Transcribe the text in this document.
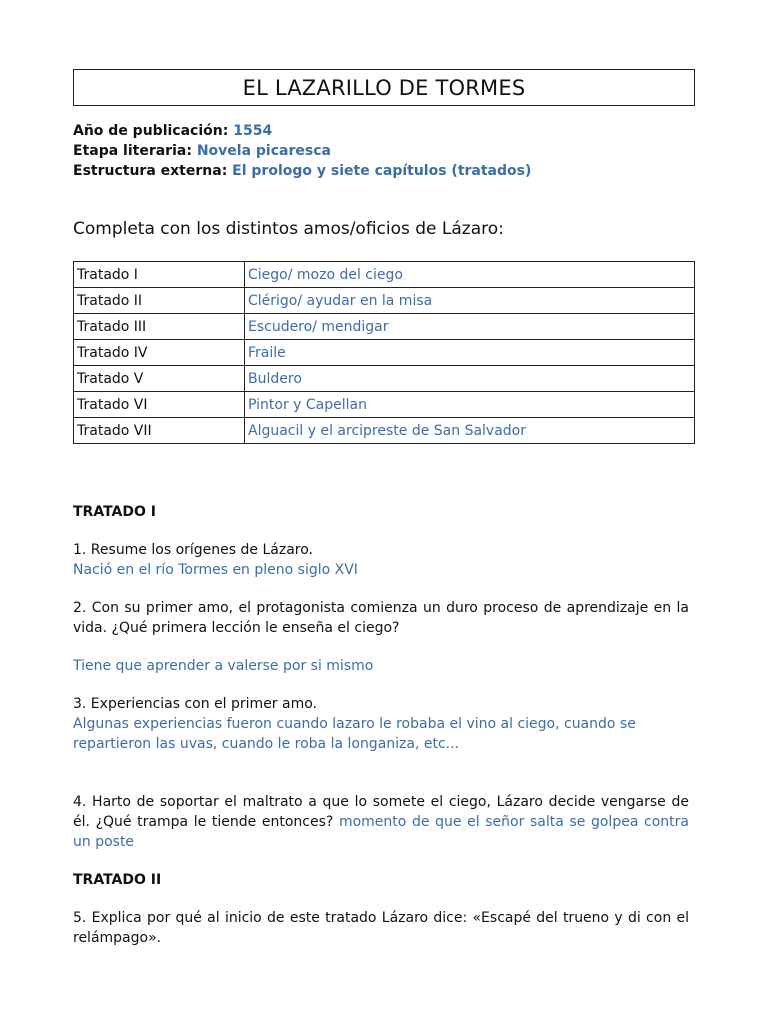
EL LAZARILLO DE TORMES
Año de publicación: 1554
Etapa literaria: Novela picaresca
Estructura externa: El prologo y siete capítulos (tratados)
Completa con los distintos amos/oficios de Lázaro:
Tratado I	Ciego/ mozo del ciego
Tratado II	Clérigo/ ayudar en la misa
Tratado III	Escudero/ mendigar
Tratado IV	Fraile
Tratado V	Buldero
Tratado VI	Pintor y Capellan
Tratado VII	Alguacil y el arcipreste de San Salvador
TRATADO I
1. Resume los orígenes de Lázaro.
Nació en el río Tormes en pleno siglo XVI
2. Con su primer amo, el protagonista comienza un duro proceso de aprendizaje en la vida. ¿Qué primera lección le enseña el ciego?
Tiene que aprender a valerse por si mismo
3. Experiencias con el primer amo.
Algunas experiencias fueron cuando lazaro le robaba el vino al ciego, cuando se repartieron las uvas, cuando le roba la longaniza, etc...
4. Harto de soportar el maltrato a que lo somete el ciego, Lázaro decide vengarse de él. ¿Qué trampa le tiende entonces? momento de que el señor salta se golpea contra un poste
TRATADO II
5. Explica por qué al inicio de este tratado Lázaro dice: «Escapé del trueno y di con el relámpago».
